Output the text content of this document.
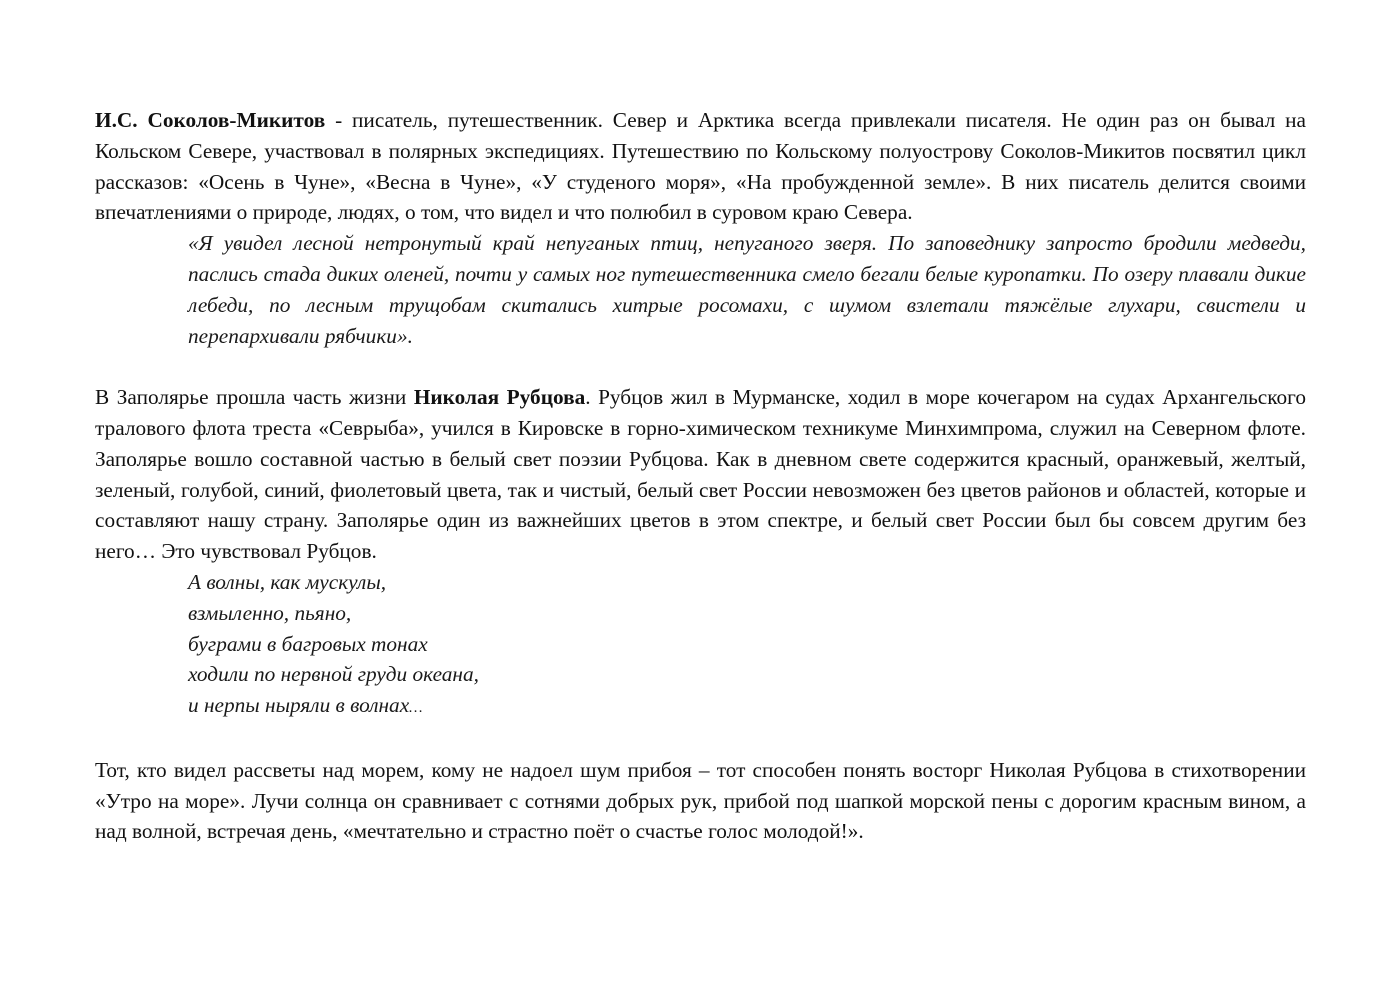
И.С. Соколов-Микитов - писатель, путешественник. Север и Арктика всегда привлекали писателя. Не один раз он бывал на Кольском Севере, участвовал в полярных экспедициях. Путешествию по Кольскому полуострову Соколов-Микитов посвятил цикл рассказов: «Осень в Чуне», «Весна в Чуне», «У студеного моря», «На пробужденной земле». В них писатель делится своими впечатлениями о природе, людях, о том, что видел и что полюбил в суровом краю Севера.

«Я увидел лесной нетронутый край непуганых птиц, непуганого зверя. По заповеднику запросто бродили медведи, паслись стада диких оленей, почти у самых ног путешественника смело бегали белые куропатки. По озеру плавали дикие лебеди, по лесным трущобам скитались хитрые росомахи, с шумом взлетали тяжёлые глухари, свистели и перепархивали рябчики».

В Заполярье прошла часть жизни Николая Рубцова. Рубцов жил в Мурманске, ходил в море кочегаром на судах Архангельского тралового флота треста «Севрыба», учился в Кировске в горно-химическом техникуме Минхимпрома, служил на Северном флоте. Заполярье вошло составной частью в белый свет поэзии Рубцова. Как в дневном свете содержится красный, оранжевый, желтый, зеленый, голубой, синий, фиолетовый цвета, так и чистый, белый свет России невозможен без цветов районов и областей, которые и составляют нашу страну. Заполярье один из важнейших цветов в этом спектре, и белый свет России был бы совсем другим без него… Это чувствовал Рубцов.

А волны, как мускулы,
взмыленно, пьяно,
буграми в багровых тонах
ходили по нервной груди океана,
и нерпы ныряли в волнах…

Тот, кто видел рассветы над морем, кому не надоел шум прибоя – тот способен понять восторг Николая Рубцова в стихотворении «Утро на море». Лучи солнца он сравнивает с сотнями добрых рук, прибой под шапкой морской пены с дорогим красным вином, а над волной, встречая день, «мечтательно и страстно поёт о счастье голос молодой!».
